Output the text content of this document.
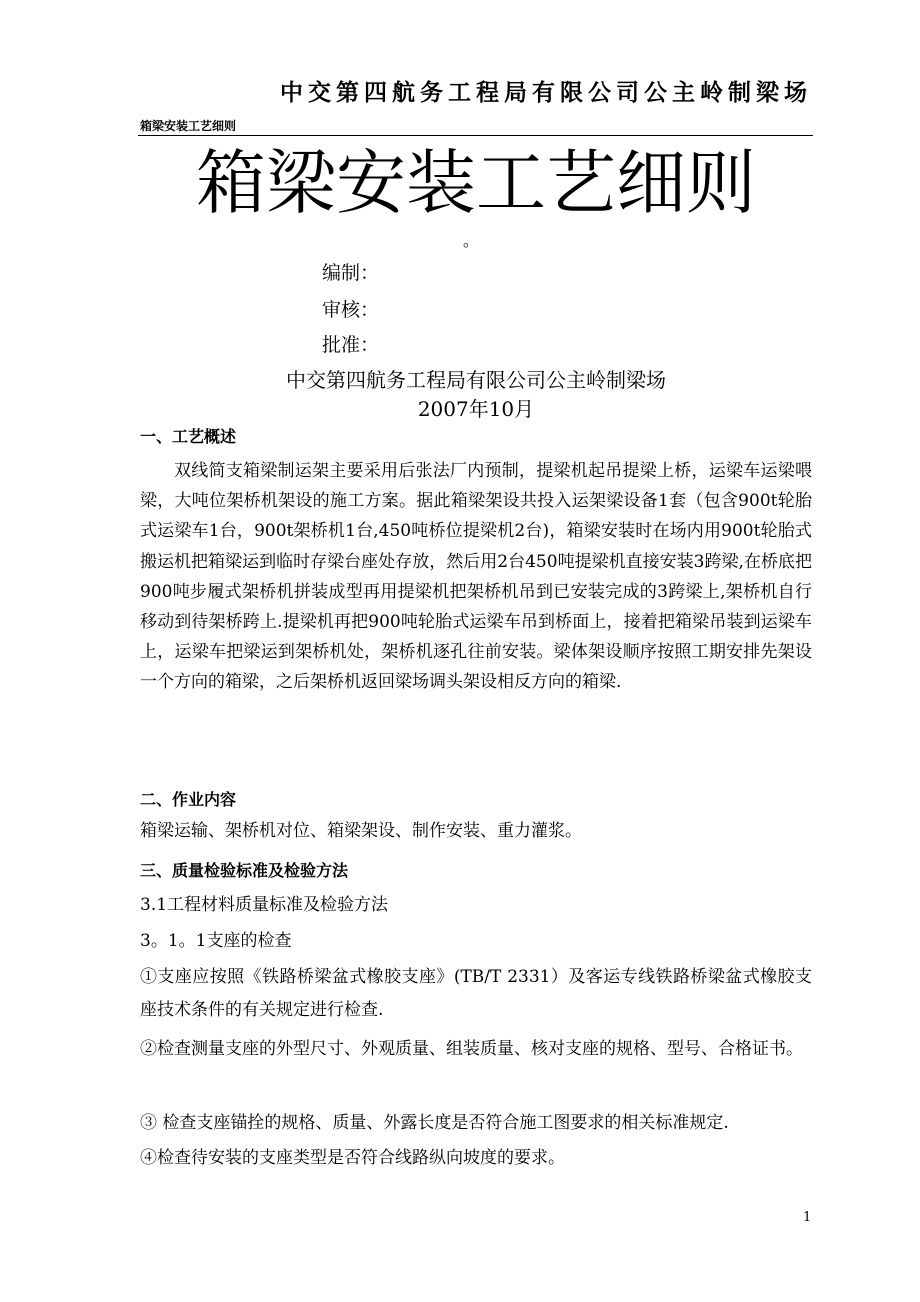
中交第四航务工程局有限公司公主岭制梁场
箱梁安装工艺细则
箱梁安装工艺细则
。
编制：
审核：
批准：
中交第四航务工程局有限公司公主岭制梁场
2007年10月
一、工艺概述

双线简支箱梁制运架主要采用后张法厂内预制，提梁机起吊提梁上桥，运梁车运梁喂梁，大吨位架桥机架设的施工方案。据此箱梁架设共投入运架梁设备1套（包含900t轮胎式运梁车1台，900t架桥机1台,450吨桥位提梁机2台)，箱梁安装时在场内用900t轮胎式搬运机把箱梁运到临时存梁台座处存放，然后用2台450吨提梁机直接安装3跨梁,在桥底把900吨步履式架桥机拼装成型再用提梁机把架桥机吊到已安装完成的3跨梁上,架桥机自行移动到待架桥跨上.提梁机再把900吨轮胎式运梁车吊到桥面上，接着把箱梁吊装到运梁车上，运梁车把梁运到架桥机处，架桥机逐孔往前安装。梁体架设顺序按照工期安排先架设一个方向的箱梁，之后架桥机返回梁场调头架设相反方向的箱梁.

二、作业内容
箱梁运输、架桥机对位、箱梁架设、制作安装、重力灌浆。
三、质量检验标准及检验方法
3.1工程材料质量标准及检验方法
3。1。1支座的检查
①支座应按照《铁路桥梁盆式橡胶支座》(TB/T 2331）及客运专线铁路桥梁盆式橡胶支座技术条件的有关规定进行检查.
②检查测量支座的外型尺寸、外观质量、组装质量、核对支座的规格、型号、合格证书。
③ 检查支座锚拴的规格、质量、外露长度是否符合施工图要求的相关标准规定.
④检查待安装的支座类型是否符合线路纵向坡度的要求。
1
